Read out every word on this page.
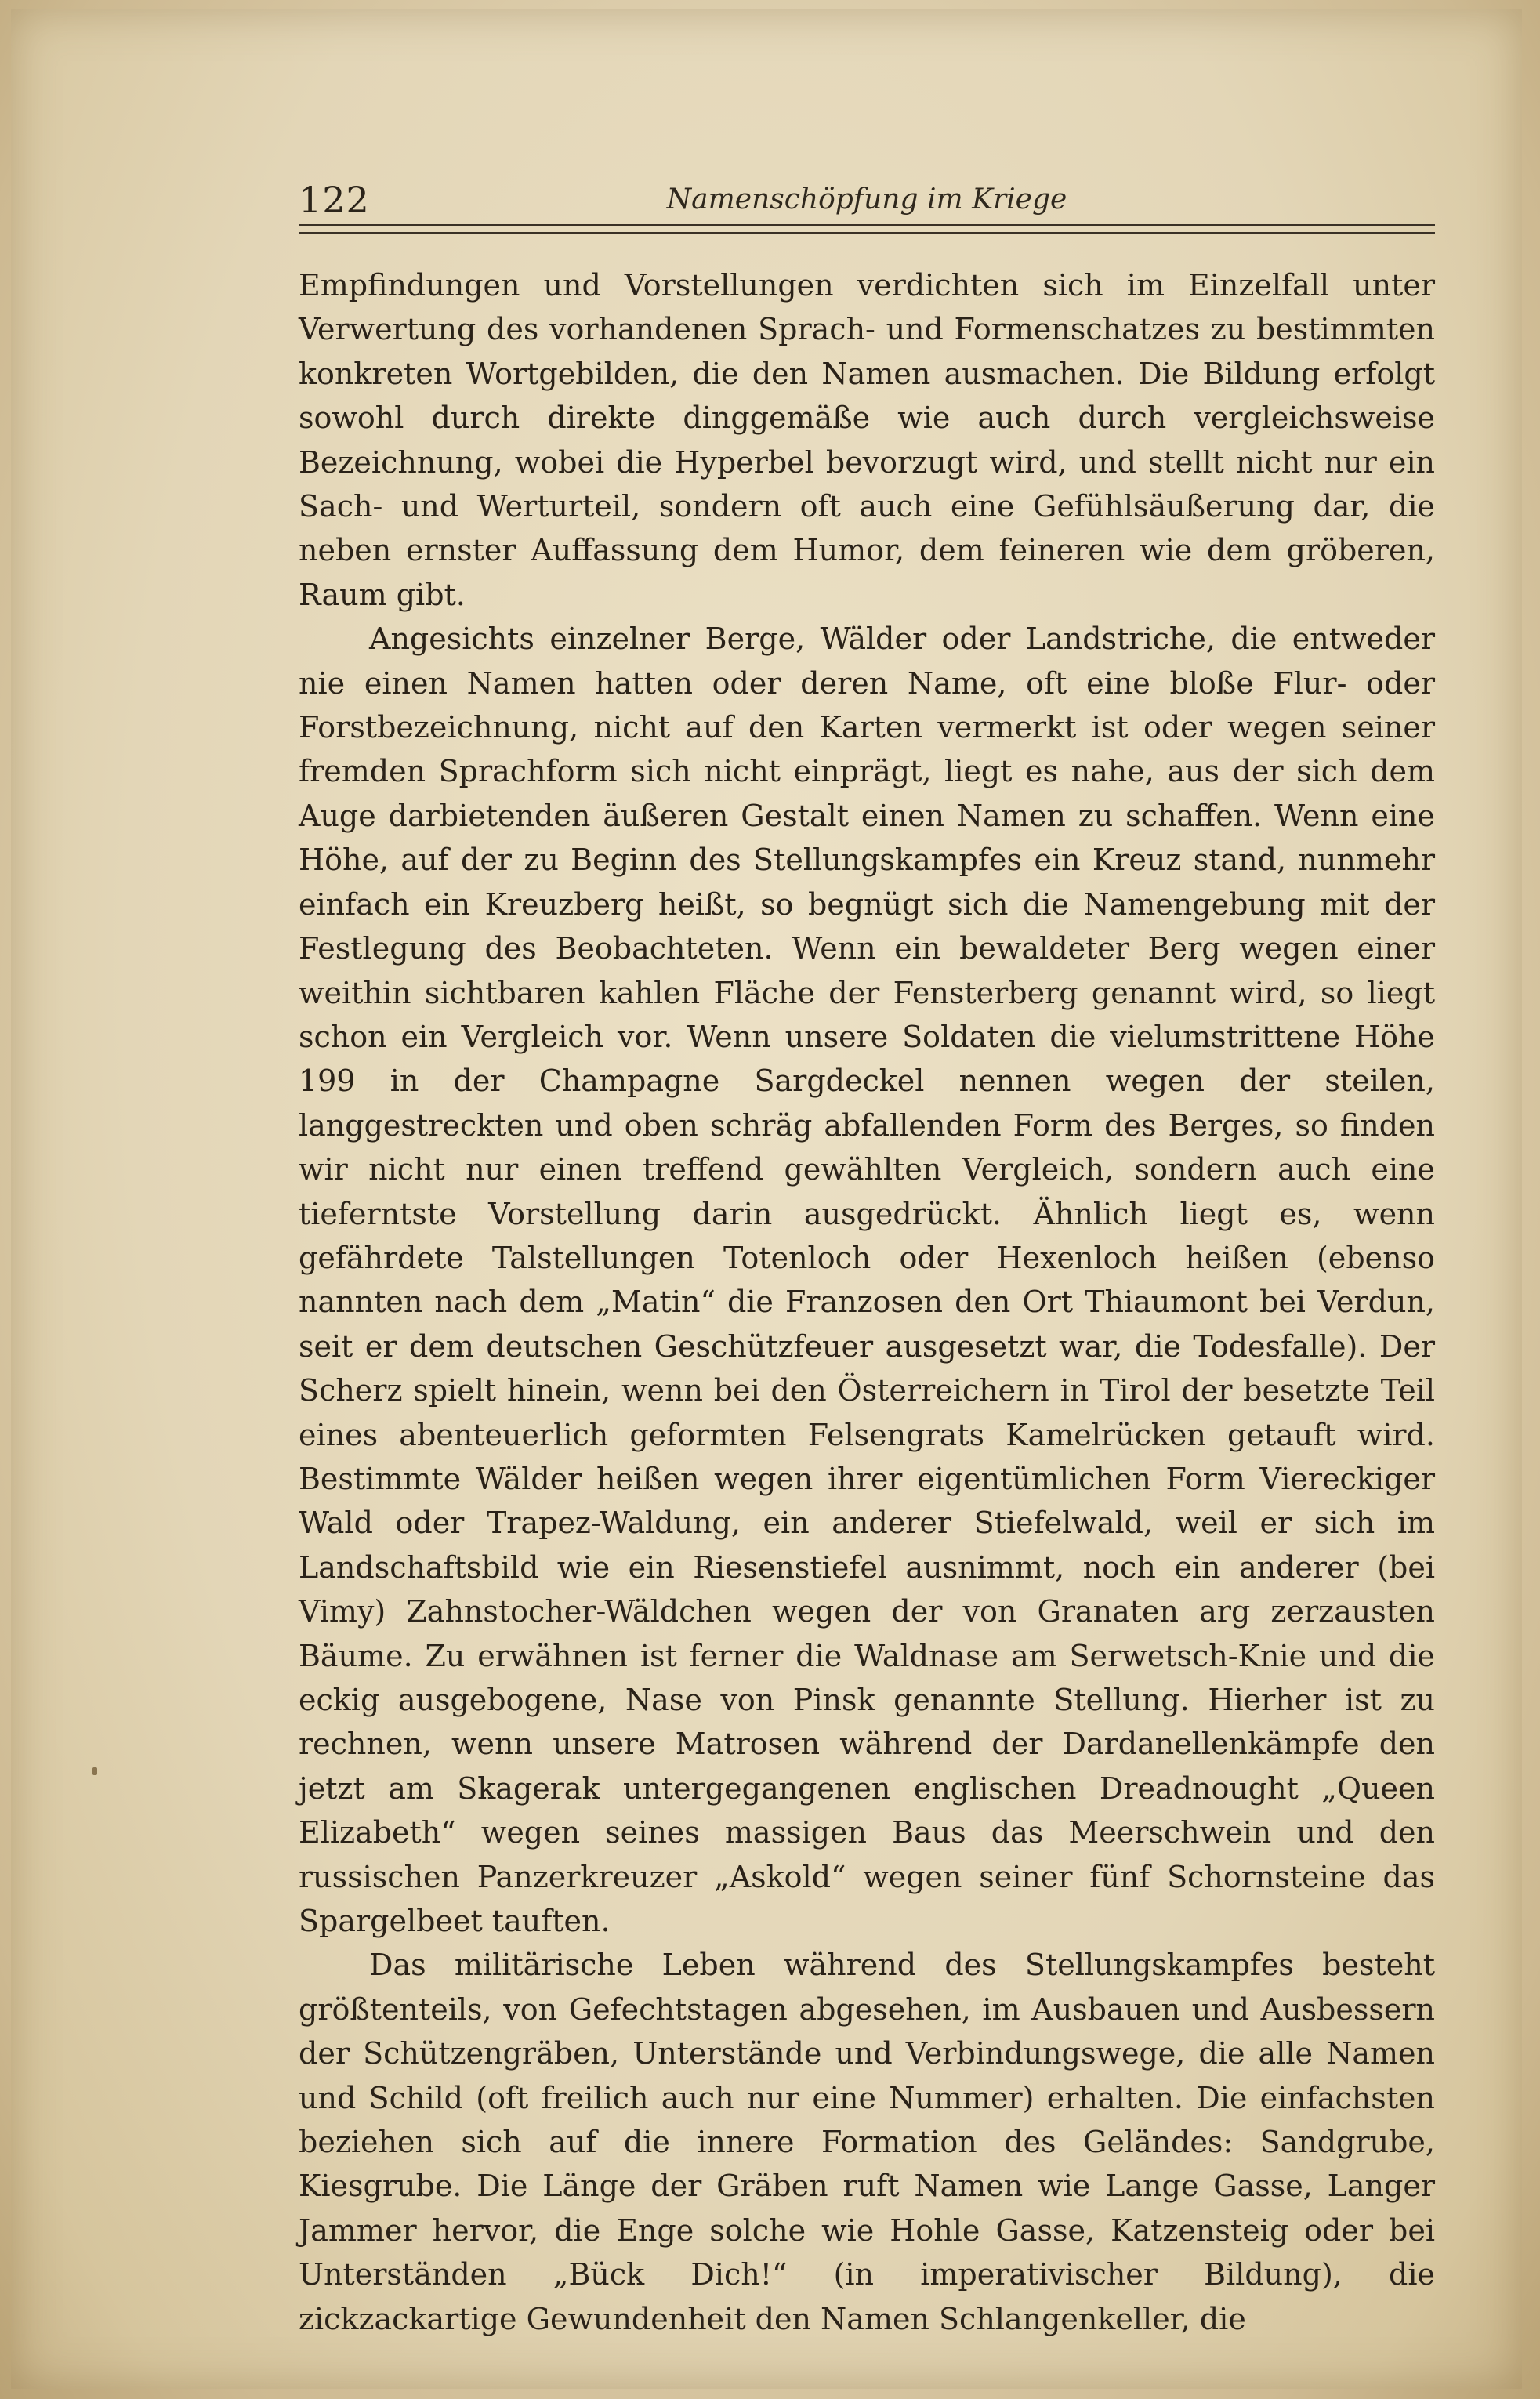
122	Namenschöpfung im Kriege

Empfindungen und Vorstellungen verdichten sich im Einzelfall unter Verwertung des vorhandenen Sprach- und Formenschatzes zu bestimmten konkreten Wortgebilden, die den Namen ausmachen. Die Bildung erfolgt sowohl durch direkte dinggemäße wie auch durch vergleichsweise Bezeichnung, wobei die Hyperbel bevorzugt wird, und stellt nicht nur ein Sach- und Werturteil, sondern oft auch eine Gefühlsäußerung dar, die neben ernster Auffassung dem Humor, dem feineren wie dem gröberen, Raum gibt.

Angesichts einzelner Berge, Wälder oder Landstriche, die entweder nie einen Namen hatten oder deren Name, oft eine bloße Flur- oder Forstbezeichnung, nicht auf den Karten vermerkt ist oder wegen seiner fremden Sprachform sich nicht einprägt, liegt es nahe, aus der sich dem Auge darbietenden äußeren Gestalt einen Namen zu schaffen. Wenn eine Höhe, auf der zu Beginn des Stellungskampfes ein Kreuz stand, nunmehr einfach ein Kreuzberg heißt, so begnügt sich die Namengebung mit der Festlegung des Beobachteten. Wenn ein bewaldeter Berg wegen einer weithin sichtbaren kahlen Fläche der Fensterberg genannt wird, so liegt schon ein Vergleich vor. Wenn unsere Soldaten die vielumstrittene Höhe 199 in der Champagne Sargdeckel nennen wegen der steilen, langgestreckten und oben schräg abfallenden Form des Berges, so finden wir nicht nur einen treffend gewählten Vergleich, sondern auch eine tieferntste Vorstellung darin ausgedrückt. Ähnlich liegt es, wenn gefährdete Talstellungen Totenloch oder Hexenloch heißen (ebenso nannten nach dem „Matin“ die Franzosen den Ort Thiaumont bei Verdun, seit er dem deutschen Geschützfeuer ausgesetzt war, die Todesfalle). Der Scherz spielt hinein, wenn bei den Österreichern in Tirol der besetzte Teil eines abenteuerlich geformten Felsengrats Kamelrücken getauft wird. Bestimmte Wälder heißen wegen ihrer eigentümlichen Form Viereckiger Wald oder Trapez-Waldung, ein anderer Stiefelwald, weil er sich im Landschaftsbild wie ein Riesenstiefel ausnimmt, noch ein anderer (bei Vimy) Zahnstocher-Wäldchen wegen der von Granaten arg zerzausten Bäume. Zu erwähnen ist ferner die Waldnase am Serwetsch-Knie und die eckig ausgebogene, Nase von Pinsk genannte Stellung. Hierher ist zu rechnen, wenn unsere Matrosen während der Dardanellenkämpfe den jetzt am Skagerak untergegangenen englischen Dreadnought „Queen Elizabeth“ wegen seines massigen Baus das Meerschwein und den russischen Panzerkreuzer „Askold“ wegen seiner fünf Schornsteine das Spargelbeet tauften.

Das militärische Leben während des Stellungskampfes besteht größtenteils, von Gefechtstagen abgesehen, im Ausbauen und Ausbessern der Schützengräben, Unterstände und Verbindungswege, die alle Namen und Schild (oft freilich auch nur eine Nummer) erhalten. Die einfachsten beziehen sich auf die innere Formation des Geländes: Sandgrube, Kiesgrube. Die Länge der Gräben ruft Namen wie Lange Gasse, Langer Jammer hervor, die Enge solche wie Hohle Gasse, Katzensteig oder bei Unterständen „Bück Dich!“ (in imperativischer Bildung), die zickzackartige Gewundenheit den Namen Schlangenkeller, die
